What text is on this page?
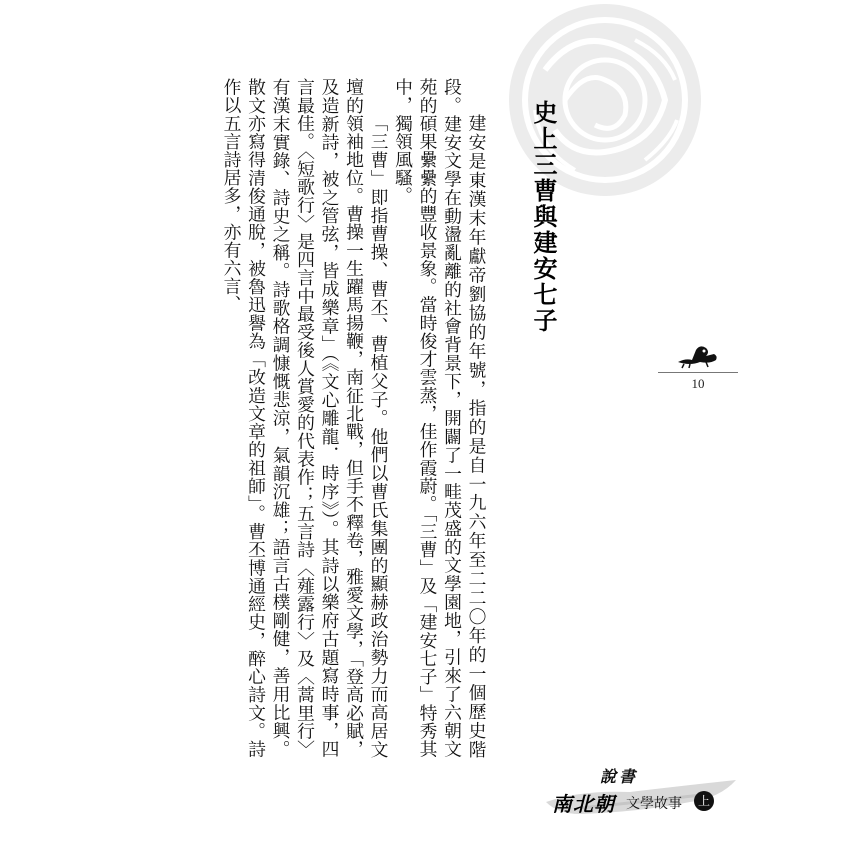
史上三曹與建安七子

建安是東漢末年獻帝劉協的年號，指的是自一九六年至二二〇年的一個歷史階段。建安文學在動盪亂離的社會背景下，開闢了一畦茂盛的文學園地，引來了六朝文苑的碩果纍纍的豐收景象。當時俊才雲蒸，佳作霞蔚。「三曹」及「建安七子」特秀其中，獨領風騷。

「三曹」即指曹操、曹丕、曹植父子。他們以曹氏集團的顯赫政治勢力而高居文壇的領袖地位。曹操一生躍馬揚鞭，南征北戰，但手不釋卷，雅愛文學，「登高必賦，及造新詩，被之管弦，皆成樂章」（《文心雕龍．時序》）。其詩以樂府古題寫時事，四言最佳。〈短歌行〉是四言中最受後人賞愛的代表作；五言詩〈薤露行〉及〈蒿里行〉有漢末實錄、詩史之稱。詩歌格調慷慨悲涼，氣韻沉雄；語言古樸剛健，善用比興。散文亦寫得清俊通脫，被魯迅譽為「改造文章的祖師」。曹丕博通經史，醉心詩文。詩作以五言詩居多，亦有六言、

10
說書
南北朝 文學故事	上
